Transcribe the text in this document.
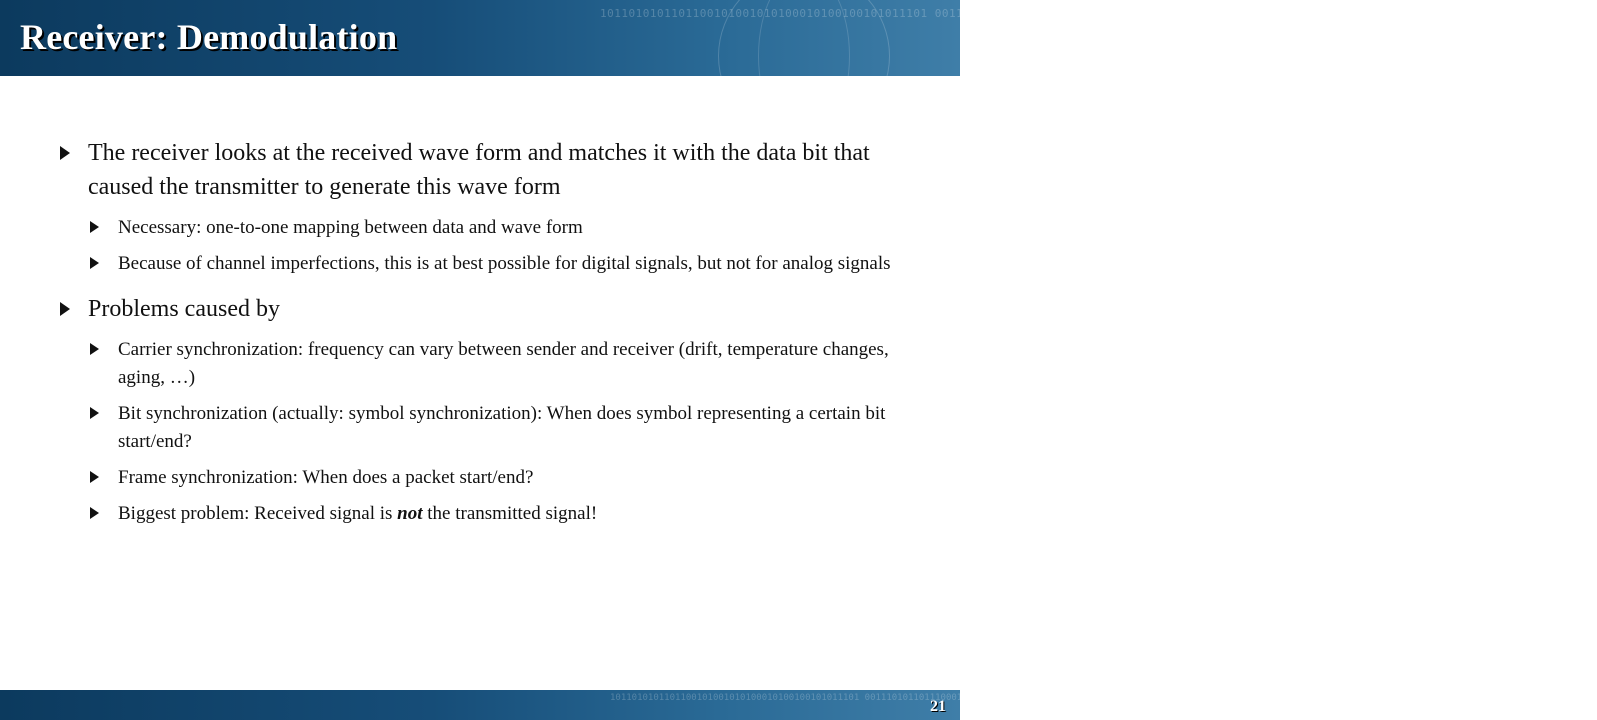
1011010101101100101001010100010100100101011101 0011101011011100010010101000101001010010110101 1010010110101001001010110010100101001101010010
Receiver: Demodulation
The receiver looks at the received wave form and matches it with the data bit that caused the transmitter to generate this wave form
Necessary: one-to-one mapping between data and wave form
Because of channel imperfections, this is at best possible for digital signals, but not for analog signals
Problems caused by
Carrier synchronization: frequency can vary between sender and receiver (drift, temperature changes, aging, …)
Bit synchronization (actually: symbol synchronization): When does symbol representing a certain bit start/end?
Frame synchronization: When does a packet start/end?
Biggest problem: Received signal is not the transmitted signal!
1011010101101100101001010100010100100101011101 0011101011011100010010101000101001010010110101
21
